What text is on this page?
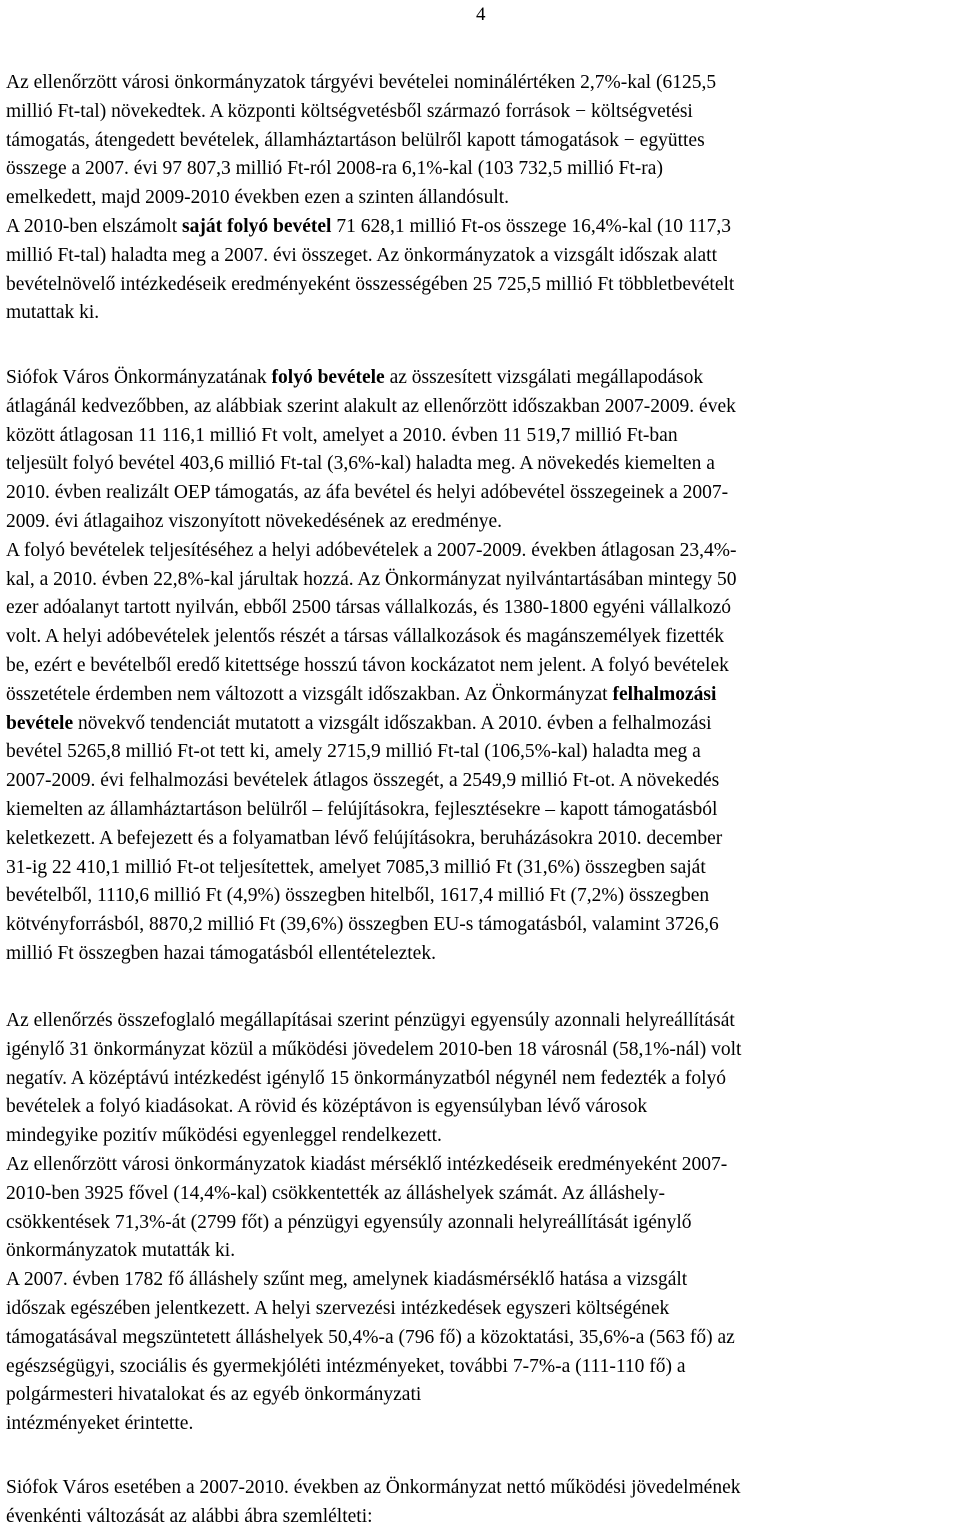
4
Az ellenőrzött városi önkormányzatok tárgyévi bevételei nominálértéken 2,7%-kal (6125,5
millió Ft-tal) növekedtek. A központi költségvetésből származó források − költségvetési
támogatás, átengedett bevételek, államháztartáson belülről kapott támogatások − együttes
összege a 2007. évi 97 807,3 millió Ft-ról 2008-ra 6,1%-kal (103 732,5 millió Ft-ra)
emelkedett, majd 2009-2010 években ezen a szinten állandósult.
A 2010-ben elszámolt saját folyó bevétel 71 628,1 millió Ft-os összege 16,4%-kal (10 117,3
millió Ft-tal) haladta meg a 2007. évi összeget. Az önkormányzatok a vizsgált időszak alatt
bevételnövelő intézkedéseik eredményeként összességében 25 725,5 millió Ft többletbevételt
mutattak ki.
Siófok Város Önkormányzatának folyó bevétele az összesített vizsgálati megállapodások
átlagánál kedvezőbben, az alábbiak szerint alakult az ellenőrzött időszakban 2007-2009. évek
között átlagosan 11 116,1 millió Ft volt, amelyet a 2010. évben 11 519,7 millió Ft-ban
teljesült folyó bevétel 403,6 millió Ft-tal (3,6%-kal) haladta meg. A növekedés kiemelten a
2010. évben realizált OEP támogatás, az áfa bevétel és helyi adóbevétel összegeinek a 2007-
2009. évi átlagaihoz viszonyított növekedésének az eredménye.
A folyó bevételek teljesítéséhez a helyi adóbevételek a 2007-2009. években átlagosan 23,4%-
kal, a 2010. évben 22,8%-kal járultak hozzá. Az Önkormányzat nyilvántartásában mintegy 50
ezer adóalanyt tartott nyilván, ebből 2500 társas vállalkozás, és 1380-1800 egyéni vállalkozó
volt. A helyi adóbevételek jelentős részét a társas vállalkozások és magánszemélyek fizették
be, ezért e bevételből eredő kitettsége hosszú távon kockázatot nem jelent. A folyó bevételek
összetétele érdemben nem változott a vizsgált időszakban. Az Önkormányzat felhalmozási
bevétele növekvő tendenciát mutatott a vizsgált időszakban. A 2010. évben a felhalmozási
bevétel 5265,8 millió Ft-ot tett ki, amely 2715,9 millió Ft-tal (106,5%-kal) haladta meg a
2007-2009. évi felhalmozási bevételek átlagos összegét, a 2549,9 millió Ft-ot. A növekedés
kiemelten az államháztartáson belülről – felújításokra, fejlesztésekre – kapott támogatásból
keletkezett. A befejezett és a folyamatban lévő felújításokra, beruházásokra 2010. december
31-ig 22 410,1 millió Ft-ot teljesítettek, amelyet 7085,3 millió Ft (31,6%) összegben saját
bevételből, 1110,6 millió Ft (4,9%) összegben hitelből, 1617,4 millió Ft (7,2%) összegben
kötvényforrásból, 8870,2 millió Ft (39,6%) összegben EU-s támogatásból, valamint 3726,6
millió Ft összegben hazai támogatásból ellentételeztek.
Az ellenőrzés összefoglaló megállapításai szerint pénzügyi egyensúly azonnali helyreállítását
igénylő 31 önkormányzat közül a működési jövedelem 2010-ben 18 városnál (58,1%-nál) volt
negatív. A középtávú intézkedést igénylő 15 önkormányzatból négynél nem fedezték a folyó
bevételek a folyó kiadásokat. A rövid és középtávon is egyensúlyban lévő városok
mindegyike pozitív működési egyenleggel rendelkezett.
Az ellenőrzött városi önkormányzatok kiadást mérséklő intézkedéseik eredményeként 2007-
2010-ben 3925 fővel (14,4%-kal) csökkentették az álláshelyek számát. Az álláshely-
csökkentések 71,3%-át (2799 főt) a pénzügyi egyensúly azonnali helyreállítását igénylő
önkormányzatok mutatták ki.
A 2007. évben 1782 fő álláshely szűnt meg, amelynek kiadásmérséklő hatása a vizsgált
időszak egészében jelentkezett. A helyi szervezési intézkedések egyszeri költségének
támogatásával megszüntetett álláshelyek 50,4%-a (796 fő) a közoktatási, 35,6%-a (563 fő) az
egészségügyi, szociális és gyermekjóléti intézményeket, további 7-7%-a (111-110 fő) a
polgármesteri hivatalokat és az egyéb önkormányzati
intézményeket érintette.
Siófok Város esetében a 2007-2010. években az Önkormányzat nettó működési jövedelmének
évenkénti változását az alábbi ábra szemlélteti:
